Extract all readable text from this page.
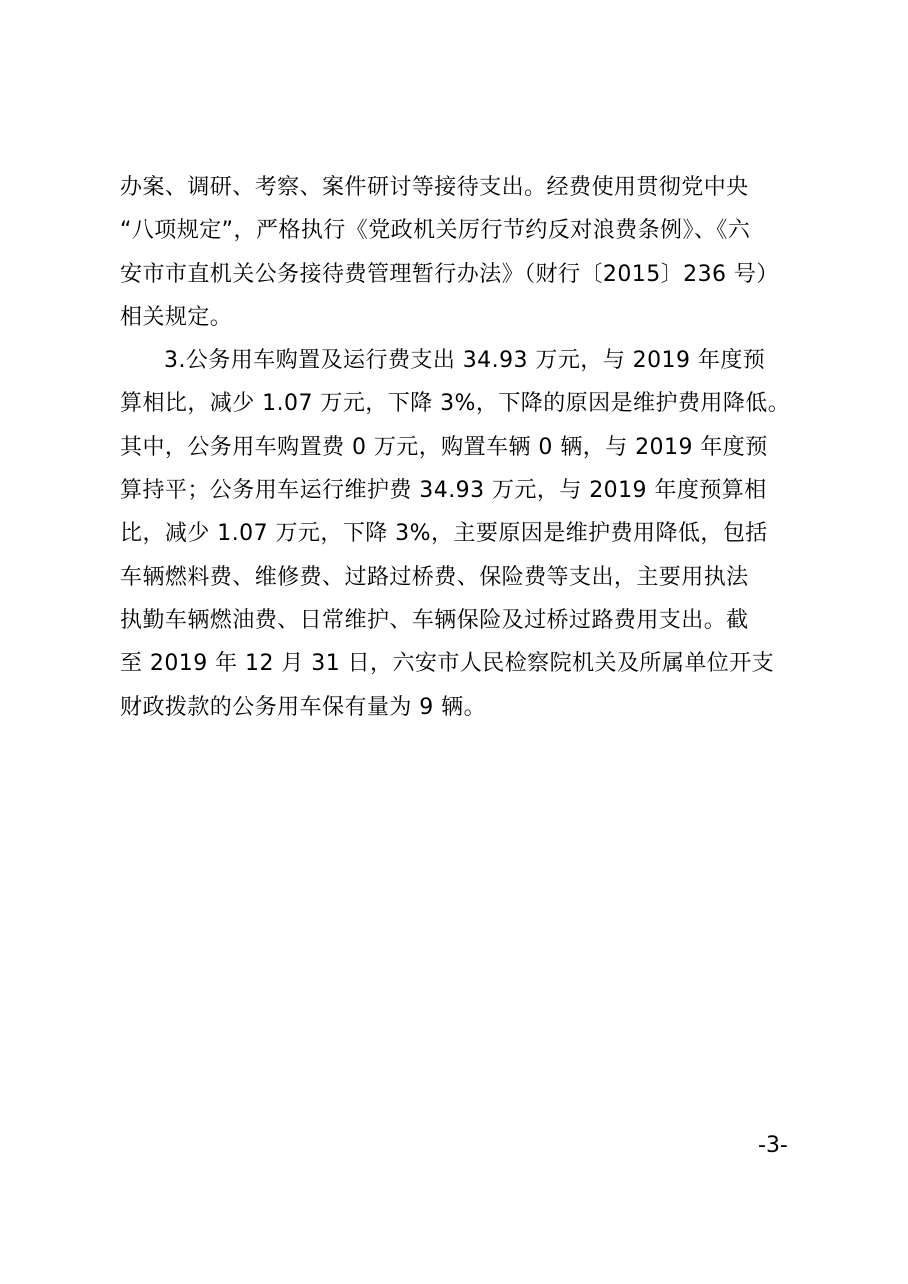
办案、调研、考察、案件研讨等接待支出。经费使用贯彻党中央
“八项规定”，严格执行《党政机关厉行节约反对浪费条例》、《六
安市市直机关公务接待费管理暂行办法》（财行〔2015〕236 号）
相关规定。
3.公务用车购置及运行费支出 34.93 万元，与 2019 年度预
算相比，减少 1.07 万元，下降 3%，下降的原因是维护费用降低。
其中，公务用车购置费 0 万元，购置车辆 0 辆，与 2019 年度预
算持平；公务用车运行维护费 34.93 万元，与 2019 年度预算相
比，减少 1.07 万元，下降 3%，主要原因是维护费用降低，包括
车辆燃料费、维修费、过路过桥费、保险费等支出，主要用执法
执勤车辆燃油费、日常维护、车辆保险及过桥过路费用支出。截
至 2019 年 12 月 31 日，六安市人民检察院机关及所属单位开支
财政拨款的公务用车保有量为 9 辆。
-3-
